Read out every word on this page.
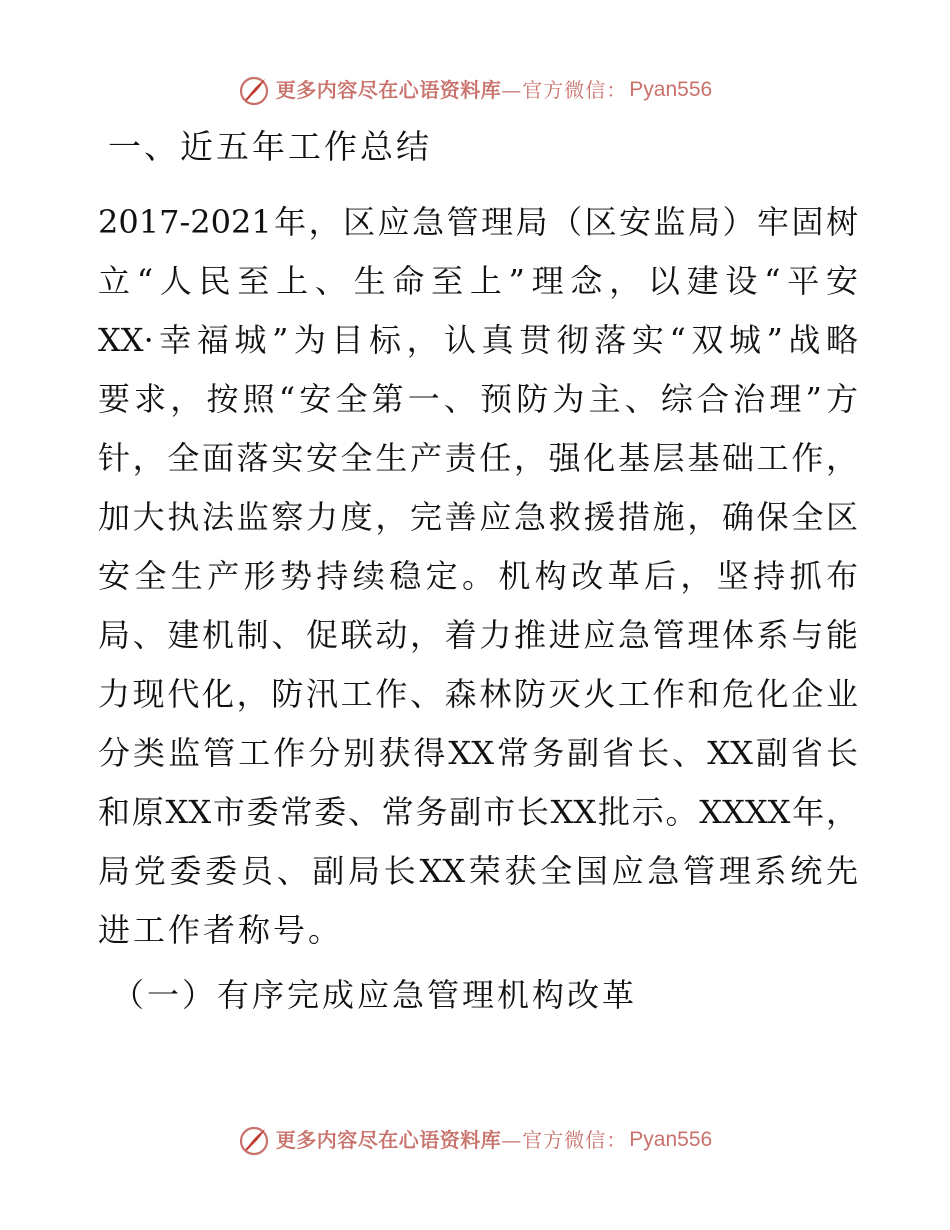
更多内容尽在心语资料库 — 官方微信： Pyan556
一、近五年工作总结
2017-2021年，区应急管理局（区安监局）牢固树
立“人民至上、生命至上”理念，以建设“平安
XX·幸福城”为目标，认真贯彻落实“双城”战略
要求，按照“安全第一、预防为主、综合治理”方
针，全面落实安全生产责任，强化基层基础工作，
加大执法监察力度，完善应急救援措施，确保全区
安全生产形势持续稳定。机构改革后，坚持抓布
局、建机制、促联动，着力推进应急管理体系与能
力现代化，防汛工作、森林防灭火工作和危化企业
分类监管工作分别获得XX常务副省长、XX副省长
和原XX市委常委、常务副市长XX批示。XXXX年，
局党委委员、副局长XX荣获全国应急管理系统先
进工作者称号。
（一）有序完成应急管理机构改革
更多内容尽在心语资料库 — 官方微信： Pyan556
